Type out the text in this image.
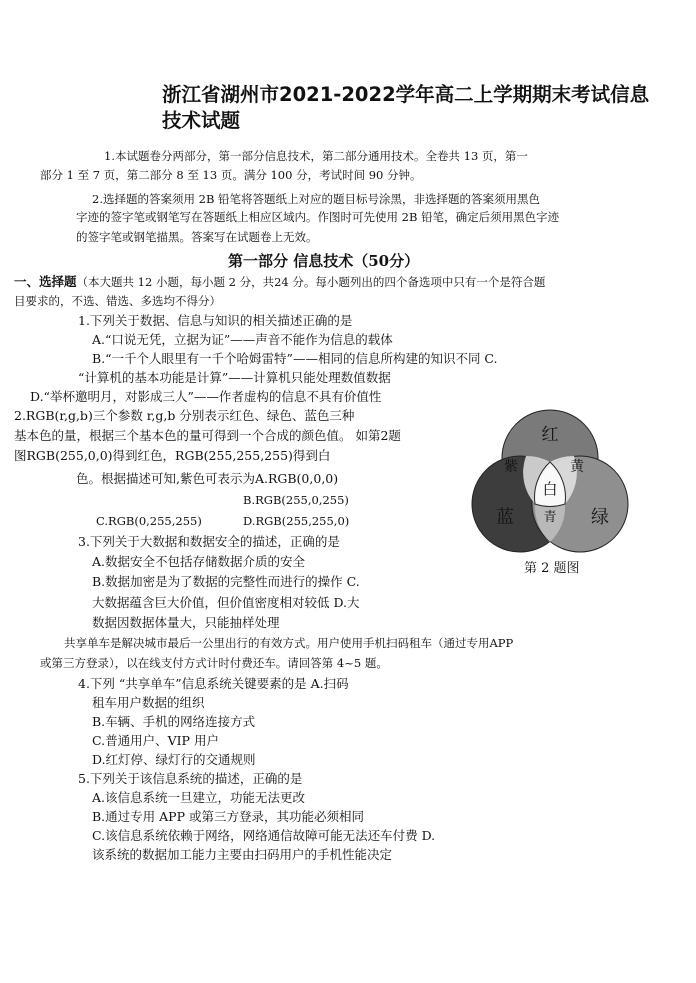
浙江省湖州市2021-2022学年高二上学期期末考试信息
技术试题
1.本试题卷分两部分，第一部分信息技术，第二部分通用技术。全卷共 13 页，第一
部分 1 至 7 页，第二部分 8 至 13 页。满分 100 分，考试时间 90 分钟。
2.选择题的答案须用 2B 铅笔将答题纸上对应的题目标号涂黑，非选择题的答案须用黑色
字迹的签字笔或钢笔写在答题纸上相应区域内。作图时可先使用 2B 铅笔，确定后须用黑色字迹
的签字笔或钢笔描黑。答案写在试题卷上无效。
第一部分 信息技术（50分）
一、选择题（本大题共 12 小题，每小题 2 分，共24 分。每小题列出的四个备选项中只有一个是符合题
目要求的，不选、错选、多选均不得分）
1.下列关于数据、信息与知识的相关描述正确的是
A.“口说无凭，立据为证”——声音不能作为信息的载体
B.“一千个人眼里有一千个哈姆雷特”——相同的信息所构建的知识不同 C.
“计算机的基本功能是计算”——计算机只能处理数值数据
D.“举杯邀明月，对影成三人”——作者虚构的信息不具有价值性
2.RGB(r,g,b)三个参数 r,g,b 分别表示红色、绿色、蓝色三种
基本色的量，根据三个基本色的量可得到一个合成的颜色值。 如第2题
图RGB(255,0,0)得到红色，RGB(255,255,255)得到白
色。根据描述可知,紫色可表示为A.RGB(0,0,0)
B.RGB(255,0,255)
C.RGB(0,255,255)	D.RGB(255,255,0)
红
紫	黄
白
青
蓝	绿
第 2 题图
3.下列关于大数据和数据安全的描述，正确的是
A.数据安全不包括存储数据介质的安全
B.数据加密是为了数据的完整性而进行的操作 C.
大数据蕴含巨大价值，但价值密度相对较低 D.大
数据因数据体量大，只能抽样处理
共享单车是解决城市最后一公里出行的有效方式。用户使用手机扫码租车（通过专用APP
或第三方登录），以在线支付方式计时付费还车。请回答第 4~5 题。
4.下列 “共享单车”信息系统关键要素的是 A.扫码
租车用户数据的组织
B.车辆、手机的网络连接方式
C.普通用户、VIP 用户
D.红灯停、绿灯行的交通规则
5.下列关于该信息系统的描述，正确的是
A.该信息系统一旦建立，功能无法更改
B.通过专用 APP 或第三方登录，其功能必须相同
C.该信息系统依赖于网络，网络通信故障可能无法还车付费 D.
该系统的数据加工能力主要由扫码用户的手机性能决定
